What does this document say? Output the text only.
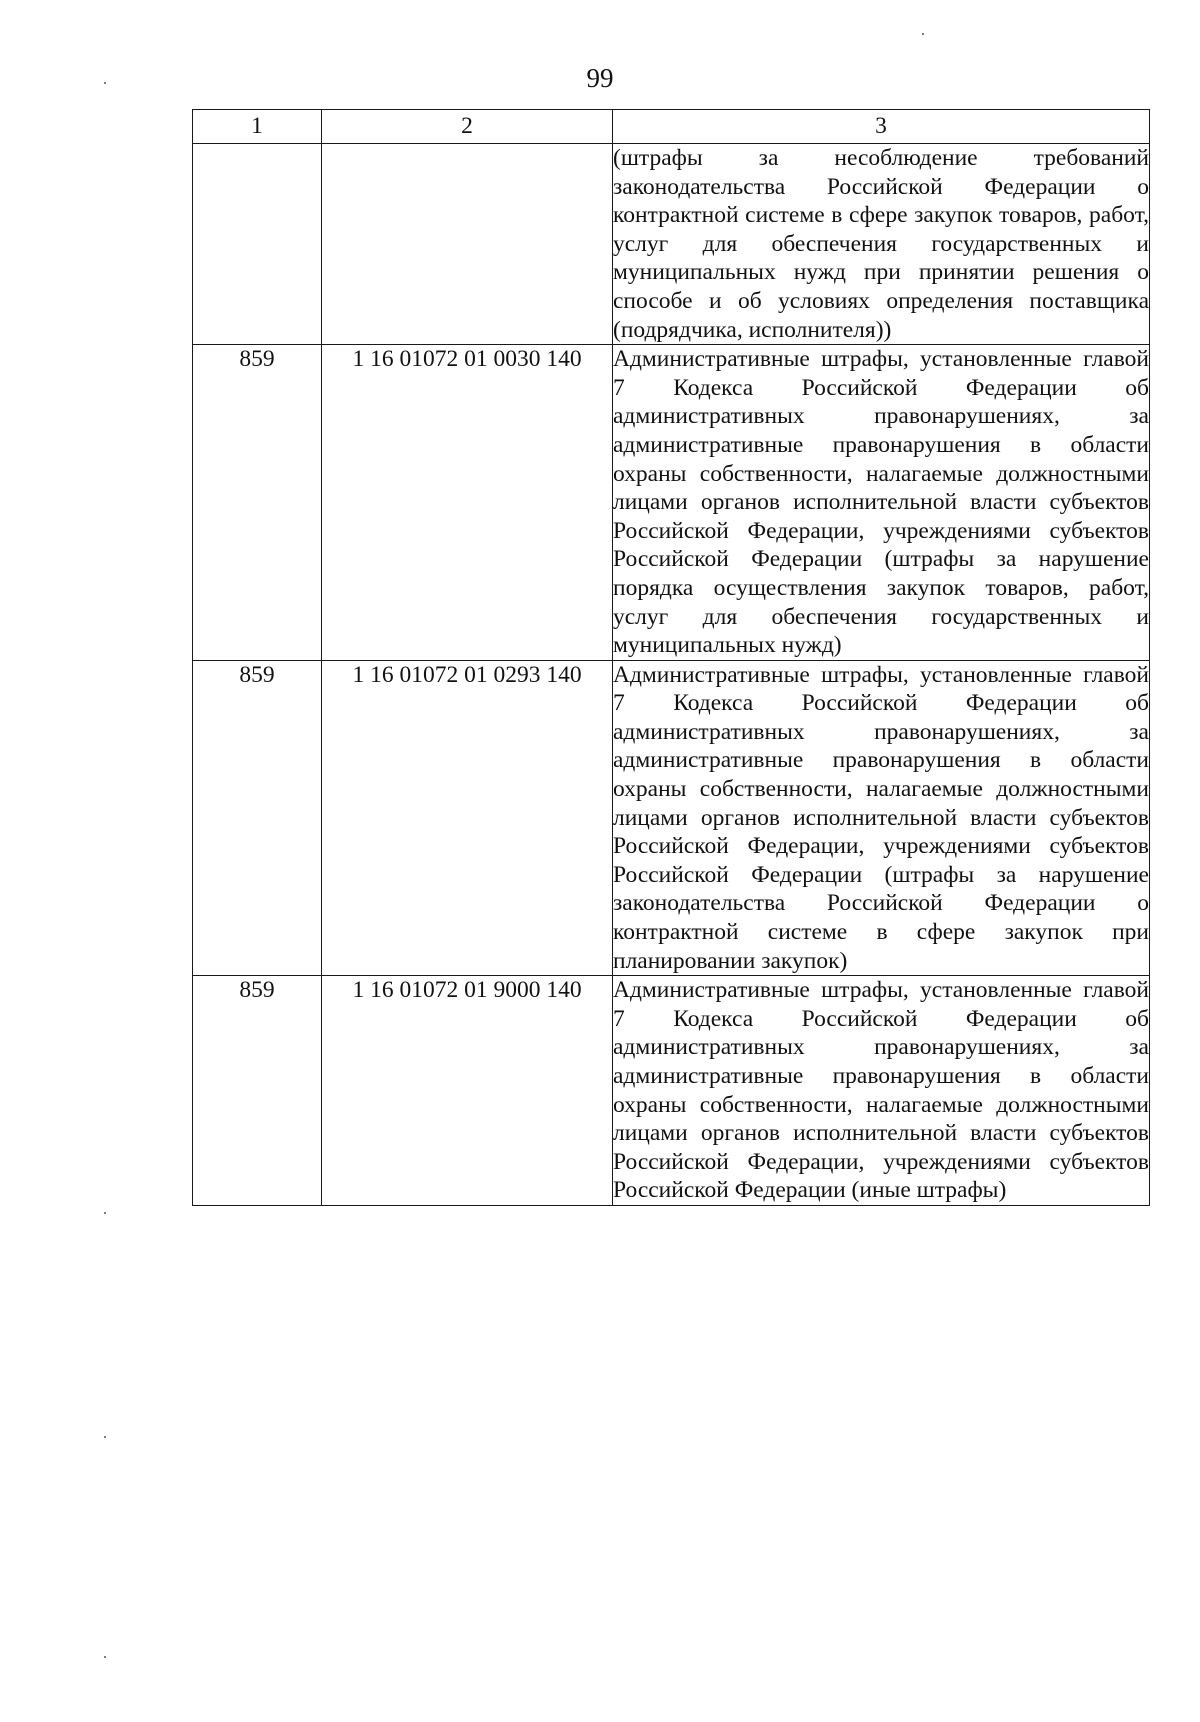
99
1	2	3
		(штрафы за несоблюдение требований законодательства Российской Федерации о контрактной системе в сфере закупок товаров, работ, услуг для обеспечения государственных и муниципальных нужд при принятии решения о способе и об условиях определения поставщика (подрядчика, исполнителя))
859	1 16 01072 01 0030 140	Административные штрафы, установленные главой 7 Кодекса Российской Федерации об административных правонарушениях, за административные правонарушения в области охраны собственности, налагаемые должностными лицами органов исполнительной власти субъектов Российской Федерации, учреждениями субъектов Российской Федерации (штрафы за нарушение порядка осуществления закупок товаров, работ, услуг для обеспечения государственных и муниципальных нужд)
859	1 16 01072 01 0293 140	Административные штрафы, установленные главой 7 Кодекса Российской Федерации об административных правонарушениях, за административные правонарушения в области охраны собственности, налагаемые должностными лицами органов исполнительной власти субъектов Российской Федерации, учреждениями субъектов Российской Федерации (штрафы за нарушение законодательства Российской Федерации о контрактной системе в сфере закупок при планировании закупок)
859	1 16 01072 01 9000 140	Административные штрафы, установленные главой 7 Кодекса Российской Федерации об административных правонарушениях, за административные правонарушения в области охраны собственности, налагаемые должностными лицами органов исполнительной власти субъектов Российской Федерации, учреждениями субъектов Российской Федерации (иные штрафы)
